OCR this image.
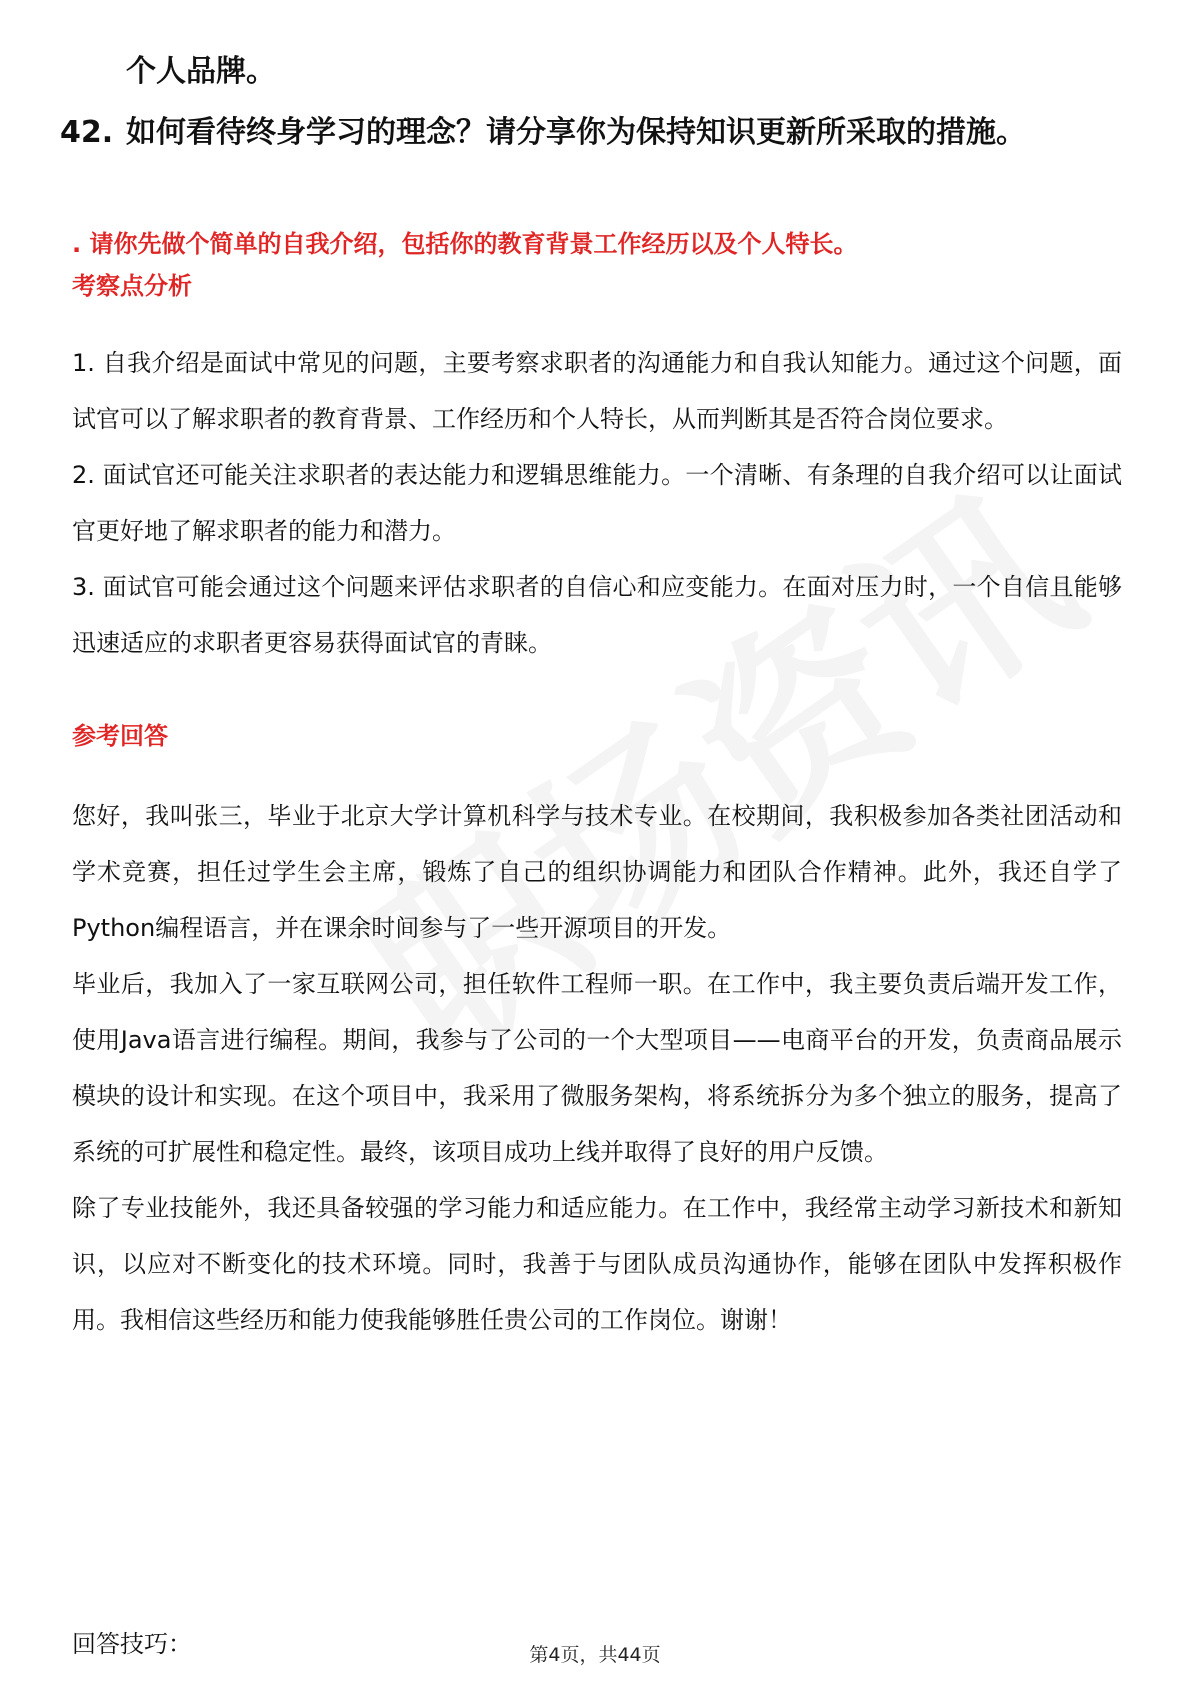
个人品牌。
42. 如何看待终身学习的理念？请分享你为保持知识更新所采取的措施。
. 请你先做个简单的自我介绍，包括你的教育背景工作经历以及个人特长。
考察点分析

1. 自我介绍是面试中常见的问题，主要考察求职者的沟通能力和自我认知能力。通过这个问题，面试官可以了解求职者的教育背景、工作经历和个人特长，从而判断其是否符合岗位要求。

2. 面试官还可能关注求职者的表达能力和逻辑思维能力。一个清晰、有条理的自我介绍可以让面试官更好地了解求职者的能力和潜力。

3. 面试官可能会通过这个问题来评估求职者的自信心和应变能力。在面对压力时，一个自信且能够迅速适应的求职者更容易获得面试官的青睐。

参考回答

您好，我叫张三，毕业于北京大学计算机科学与技术专业。在校期间，我积极参加各类社团活动和学术竞赛，担任过学生会主席，锻炼了自己的组织协调能力和团队合作精神。此外，我还自学了Python编程语言，并在课余时间参与了一些开源项目的开发。

毕业后，我加入了一家互联网公司，担任软件工程师一职。在工作中，我主要负责后端开发工作，使用Java语言进行编程。期间，我参与了公司的一个大型项目——电商平台的开发，负责商品展示模块的设计和实现。在这个项目中，我采用了微服务架构，将系统拆分为多个独立的服务，提高了系统的可扩展性和稳定性。最终，该项目成功上线并取得了良好的用户反馈。

除了专业技能外，我还具备较强的学习能力和适应能力。在工作中，我经常主动学习新技术和新知识，以应对不断变化的技术环境。同时，我善于与团队成员沟通协作，能够在团队中发挥积极作用。我相信这些经历和能力使我能够胜任贵公司的工作岗位。谢谢！

回答技巧：	第4页，共44页
